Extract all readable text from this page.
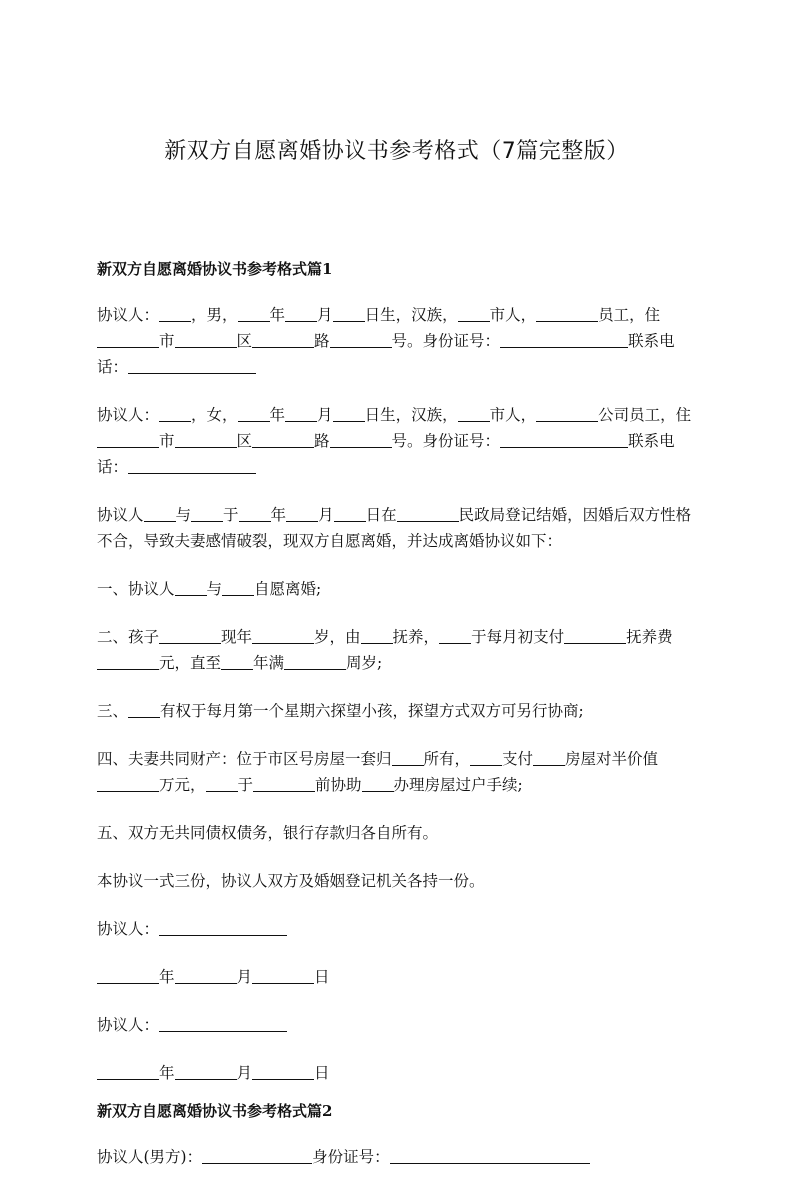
新双方自愿离婚协议书参考格式（7篇完整版）
新双方自愿离婚协议书参考格式篇1
协议人： ，男， 年 月 日生，汉族， 市人，	员工，住市	区	路	号。身份证号：	联系电话：
协议人： ，女， 年 月 日生，汉族， 市人，	公司员工，住市	区	路	号。身份证号：	联系电话：
协议人 与 于 年 月 日在	民政局登记结婚，因婚后双方性格不合，导致夫妻感情破裂，现双方自愿离婚，并达成离婚协议如下：
一、协议人 与 自愿离婚;
二、孩子	现年	岁，由 抚养， 于每月初支付	抚养费元，直至 年满	周岁;
三、 有权于每月第一个星期六探望小孩，探望方式双方可另行协商;
四、夫妻共同财产：位于市区号房屋一套归 所有， 支付 房屋对半价值万元， 于	前协助 办理房屋过户手续;
五、双方无共同债权债务，银行存款归各自所有。
本协议一式三份，协议人双方及婚姻登记机关各持一份。
协议人：
年	月	日
协议人：
年	月	日
新双方自愿离婚协议书参考格式篇2
协议人(男方)：	身份证号：
